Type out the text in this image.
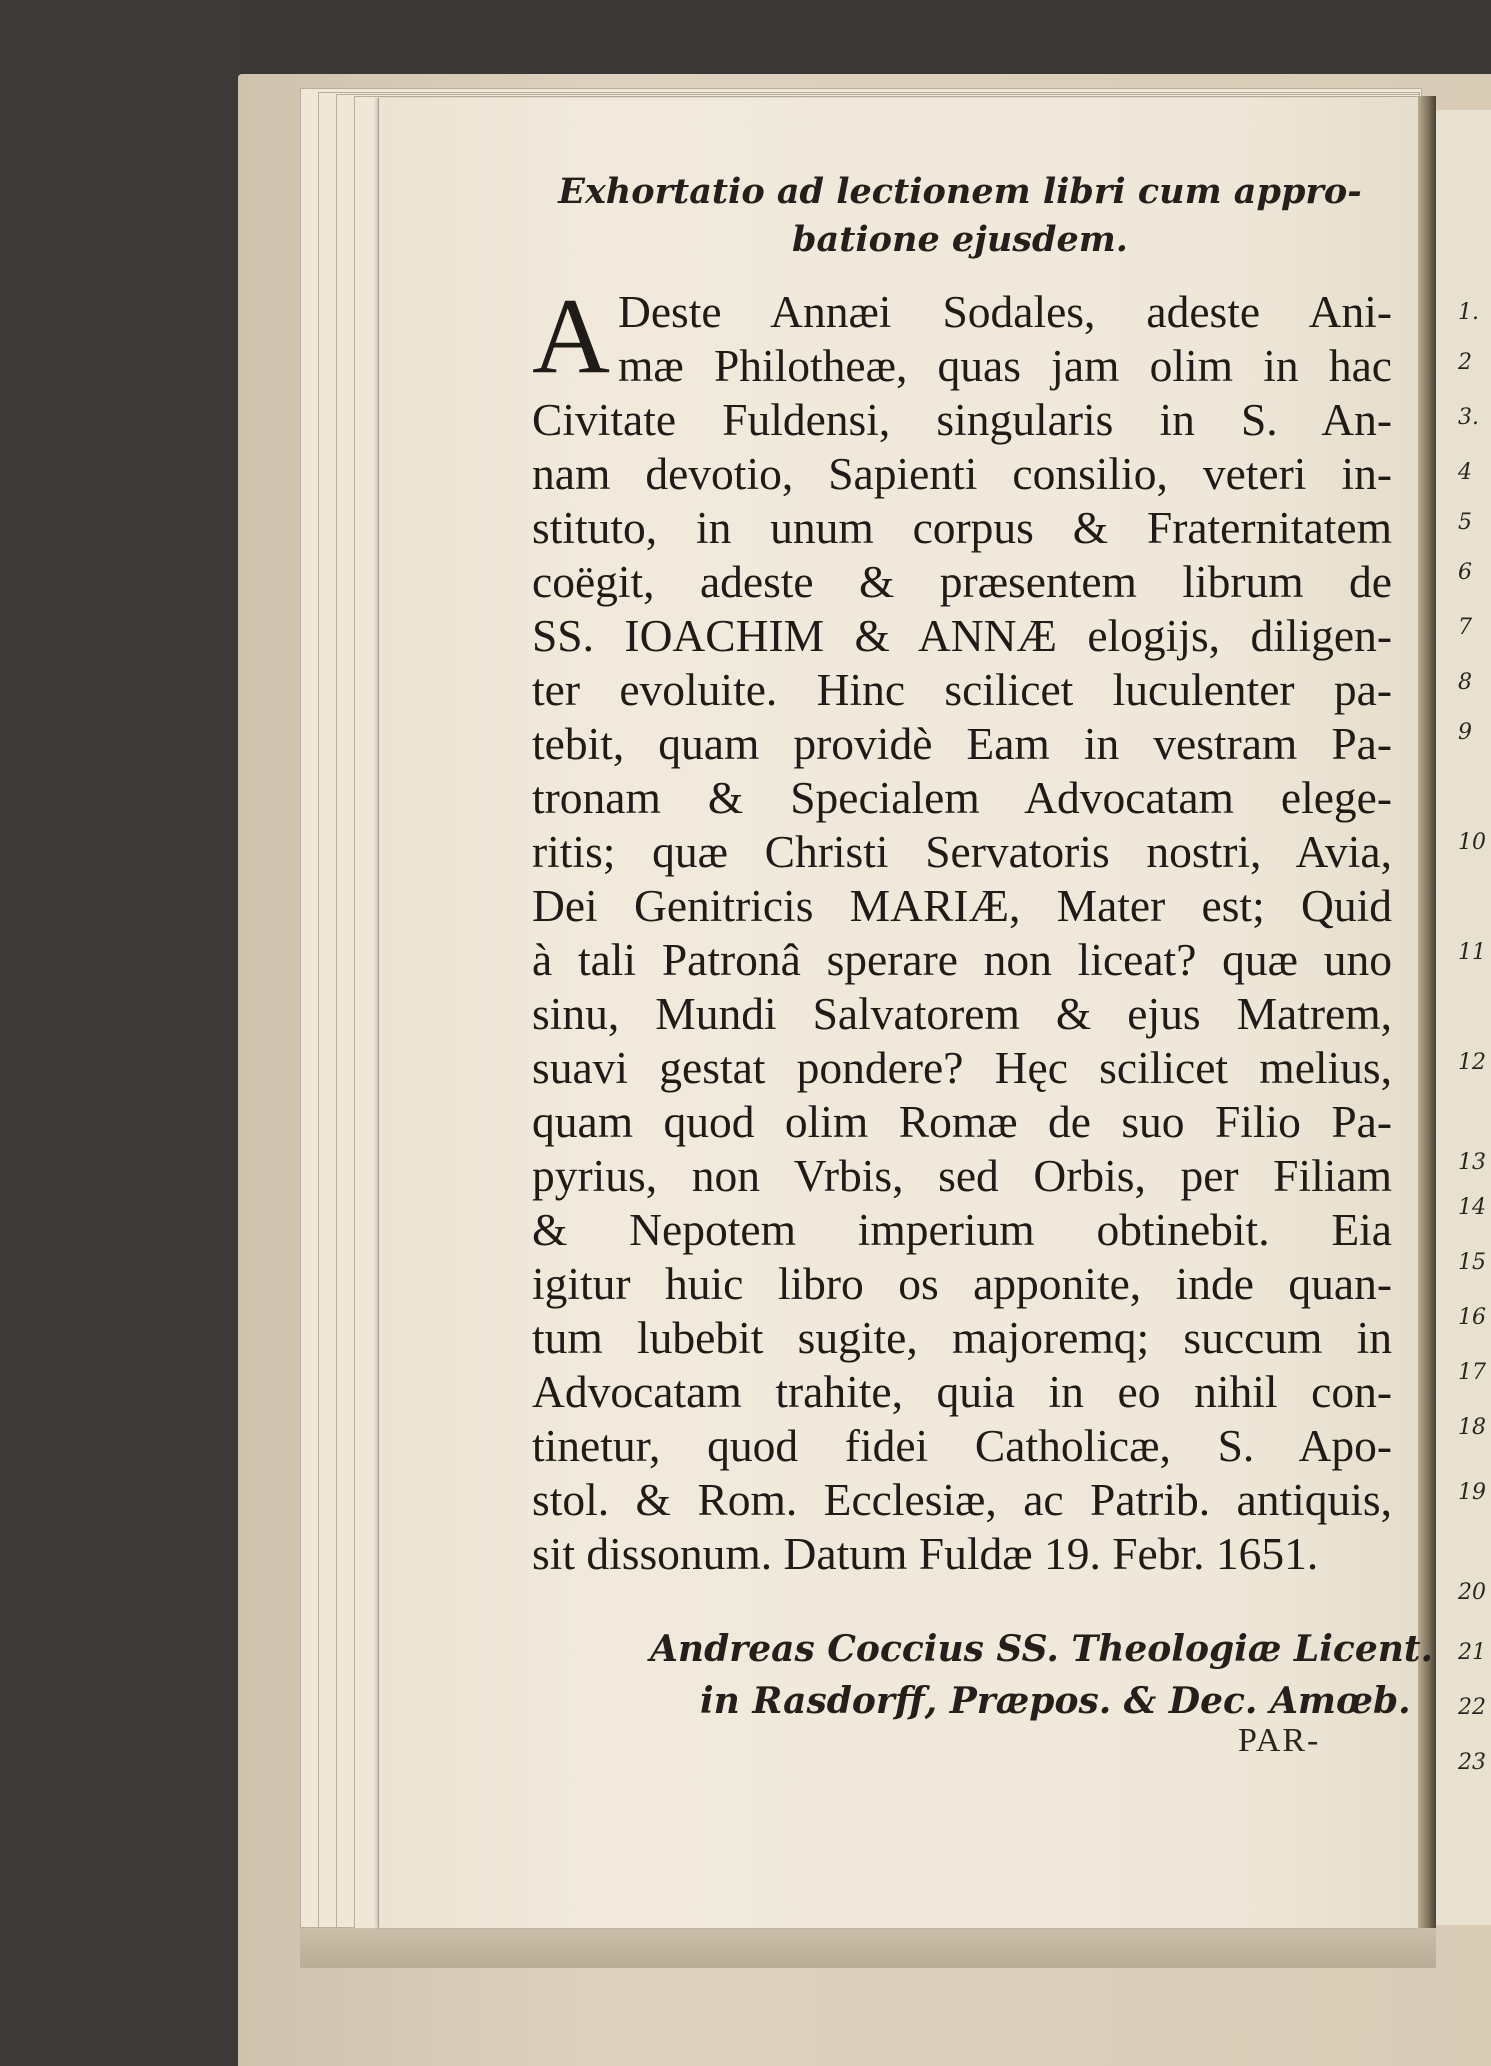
1.
2
3.
4
5
6
7
8
9
10
11
12
13
14
15
16
17
18
19
20
21
22
23
Exhortatio ad lectionem libri cum appro-
batione ejusdem.
A Deste Annæi Sodales, adeste Ani-
mæ Philotheæ, quas jam olim in hac
Civitate Fuldensi, singularis in S. An-
nam devotio, Sapienti consilio, veteri in-
stituto, in unum corpus & Fraternitatem
coëgit, adeste & præsentem librum de
SS. IOACHIM & ANNÆ elogijs, diligen-
ter evoluite. Hinc scilicet luculenter pa-
tebit, quam providè Eam in vestram Pa-
tronam & Specialem Advocatam elege-
ritis; quæ Christi Servatoris nostri, Avia,
Dei Genitricis MARIÆ, Mater est; Quid
à tali Patronâ sperare non liceat? quæ uno
sinu, Mundi Salvatorem & ejus Matrem,
suavi gestat pondere? Hęc scilicet melius,
quam quod olim Romæ de suo Filio Pa-
pyrius, non Vrbis, sed Orbis, per Filiam
& Nepotem imperium obtinebit. Eia
igitur huic libro os apponite, inde quan-
tum lubebit sugite, majoremq; succum in
Advocatam trahite, quia in eo nihil con-
tinetur, quod fidei Catholicæ, S. Apo-
stol. & Rom. Ecclesiæ, ac Patrib. antiquis,
sit dissonum. Datum Fuldæ 19. Febr. 1651.
Andreas Coccius SS. Theologiæ Licent.
in Rasdorff, Præpos. & Dec. Amœb.
PAR-
